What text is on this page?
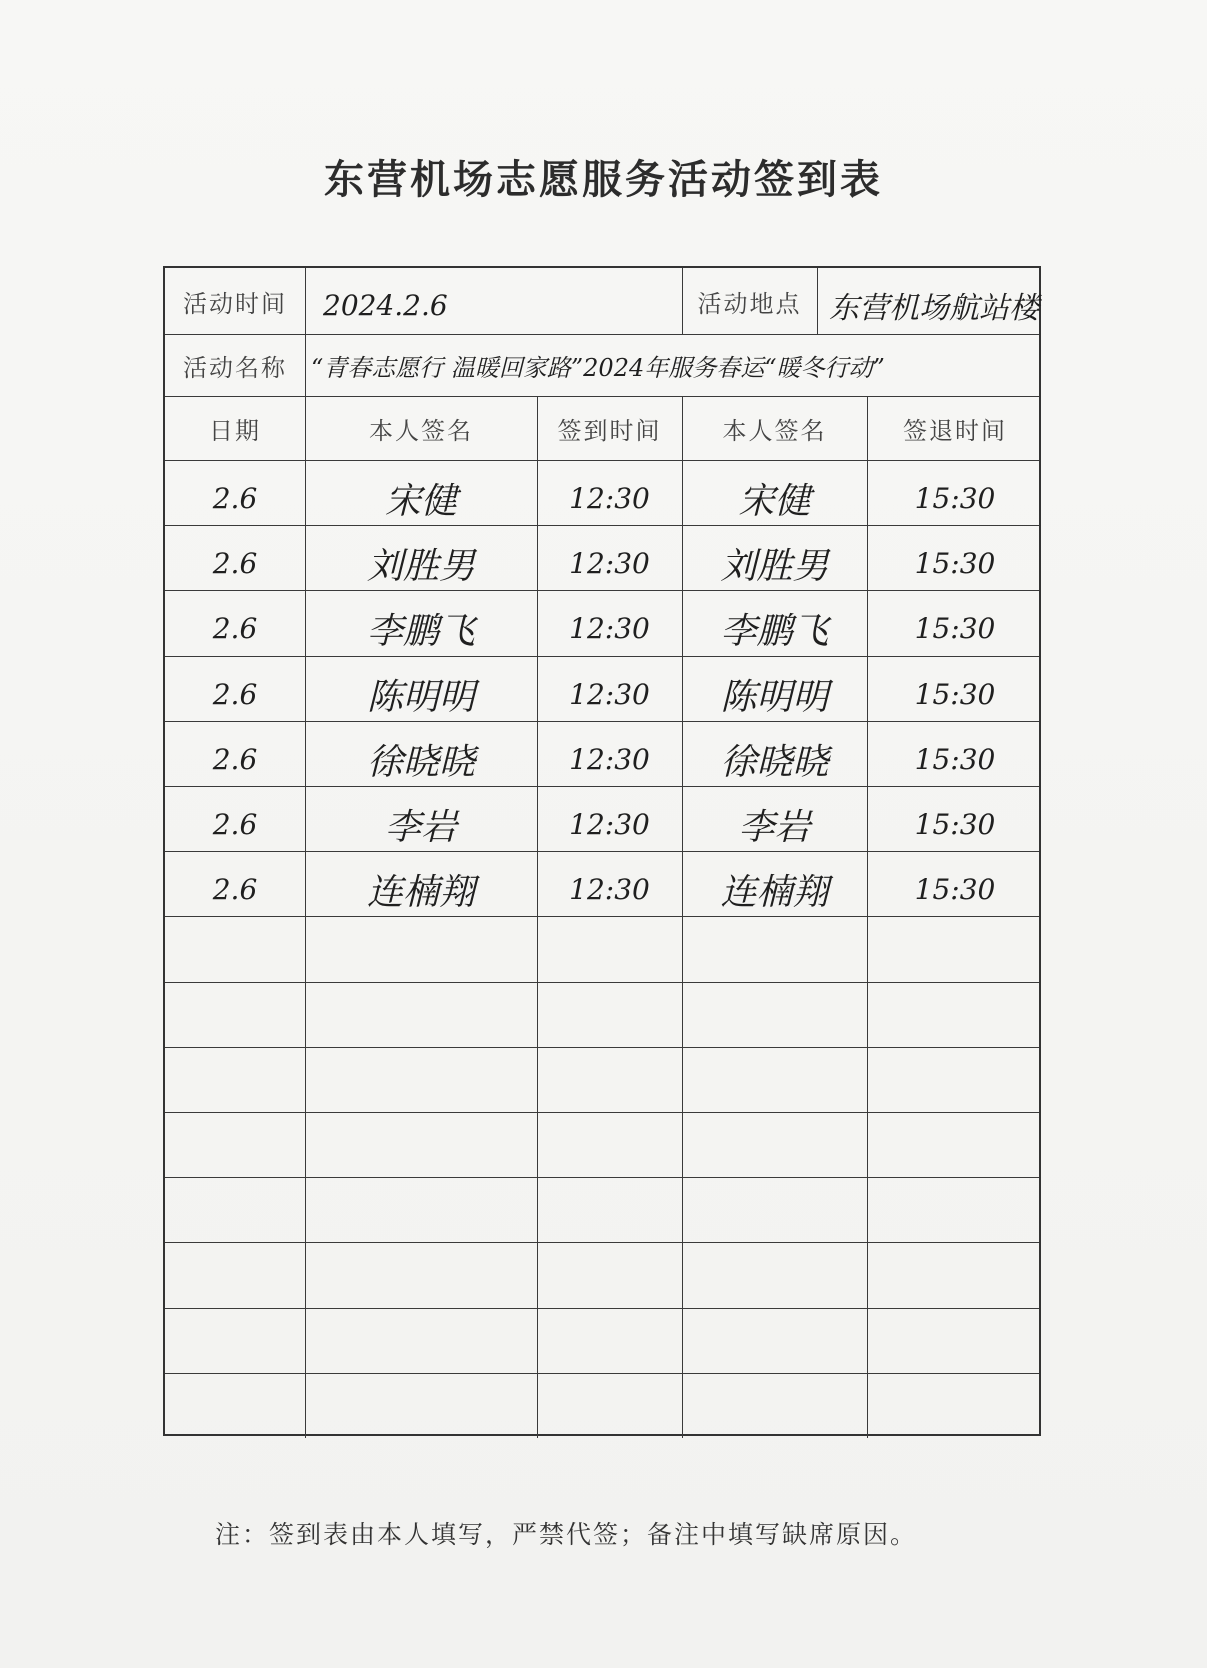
东营机场志愿服务活动签到表
活动时间	2024.2.6	活动地点 东营机场航站楼
活动名称	“青春志愿行 温暖回家路”2024年服务春运“暖冬行动”
日期	本人签名	签到时间	本人签名	签退时间
2.6	宋健	12:30	宋健	15:30
2.6	刘胜男	12:30	刘胜男	15:30
2.6	李鹏飞	12:30	李鹏飞	15:30
2.6	陈明明	12:30	陈明明	15:30
2.6	徐晓晓	12:30	徐晓晓	15:30
2.6	李岩	12:30	李岩	15:30
2.6	连楠翔	12:30	连楠翔	15:30
注：签到表由本人填写，严禁代签；备注中填写缺席原因。
